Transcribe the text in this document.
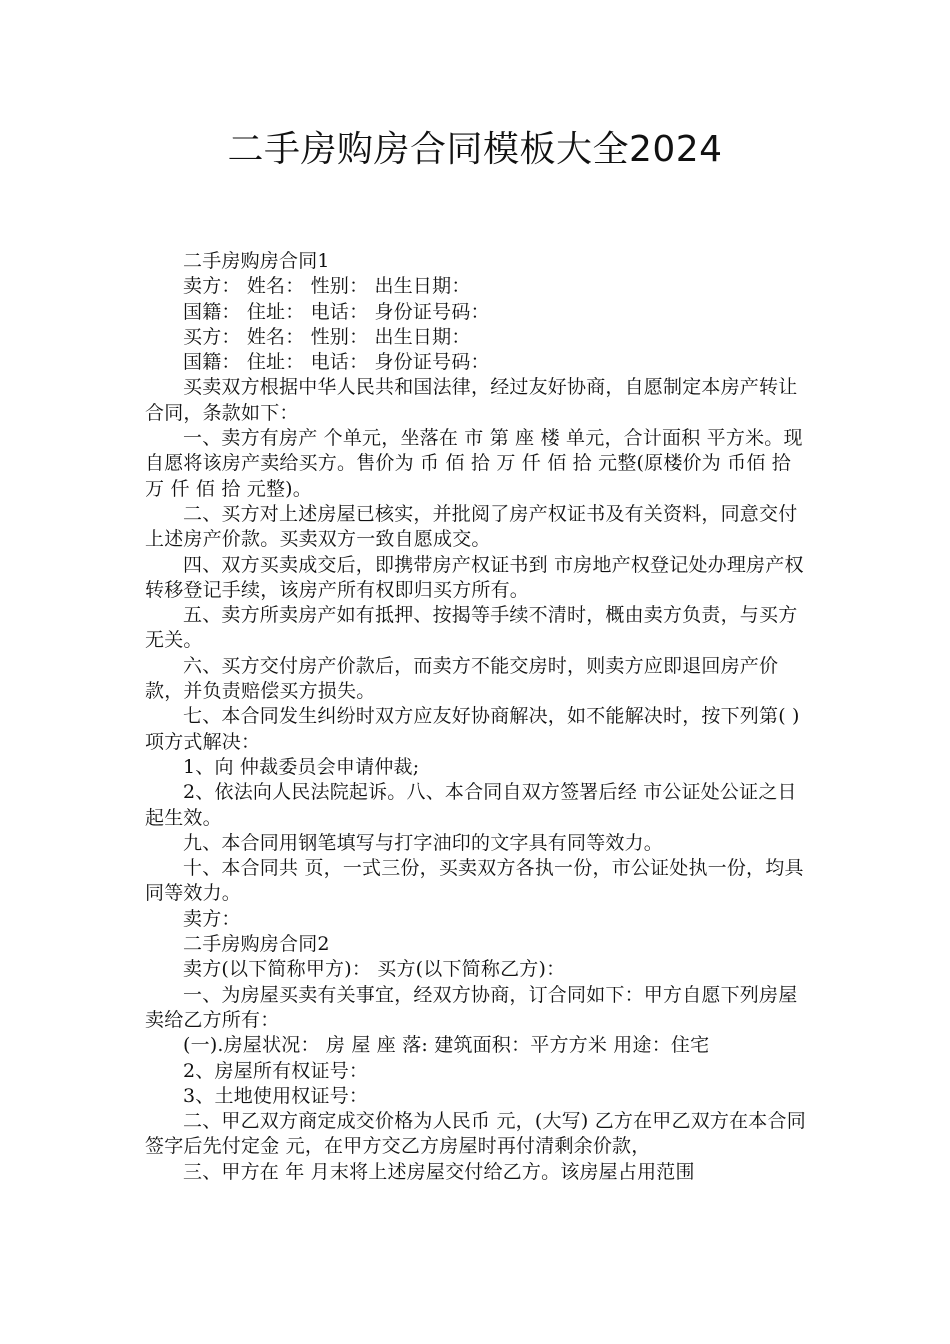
二手房购房合同模板大全2024

二手房购房合同1

卖方： 姓名： 性别： 出生日期：

国籍： 住址： 电话： 身份证号码：

买方： 姓名： 性别： 出生日期：

国籍： 住址： 电话： 身份证号码：

买卖双方根据中华人民共和国法律，经过友好协商，自愿制定本房产转让合同，条款如下：

一、卖方有房产 个单元，坐落在 市 第 座 楼 单元，合计面积 平方米。现自愿将该房产卖给买方。售价为 币 佰 拾 万 仟 佰 拾 元整(原楼价为 币佰 拾 万 仟 佰 拾 元整)。

二、买方对上述房屋已核实，并批阅了房产权证书及有关资料，同意交付上述房产价款。买卖双方一致自愿成交。

四、双方买卖成交后，即携带房产权证书到 市房地产权登记处办理房产权转移登记手续，该房产所有权即归买方所有。

五、卖方所卖房产如有抵押、按揭等手续不清时，概由卖方负责，与买方无关。

六、买方交付房产价款后，而卖方不能交房时，则卖方应即退回房产价款，并负责赔偿买方损失。

七、本合同发生纠纷时双方应友好协商解决，如不能解决时，按下列第( )项方式解决：

1、向 仲裁委员会申请仲裁;

2、依法向人民法院起诉。八、本合同自双方签署后经 市公证处公证之日起生效。

九、本合同用钢笔填写与打字油印的文字具有同等效力。

十、本合同共 页，一式三份，买卖双方各执一份，市公证处执一份，均具同等效力。

卖方：

二手房购房合同2

卖方(以下简称甲方)： 买方(以下简称乙方)：

一、为房屋买卖有关事宜，经双方协商，订合同如下：甲方自愿下列房屋卖给乙方所有：

(一).房屋状况： 房 屋 座 落: 建筑面积：平方方米 用途：住宅

2、房屋所有权证号：

3、土地使用权证号：

二、甲乙双方商定成交价格为人民币 元，(大写) 乙方在甲乙双方在本合同签字后先付定金 元，在甲方交乙方房屋时再付清剩余价款，

三、甲方在 年 月末将上述房屋交付给乙方。该房屋占用范围
